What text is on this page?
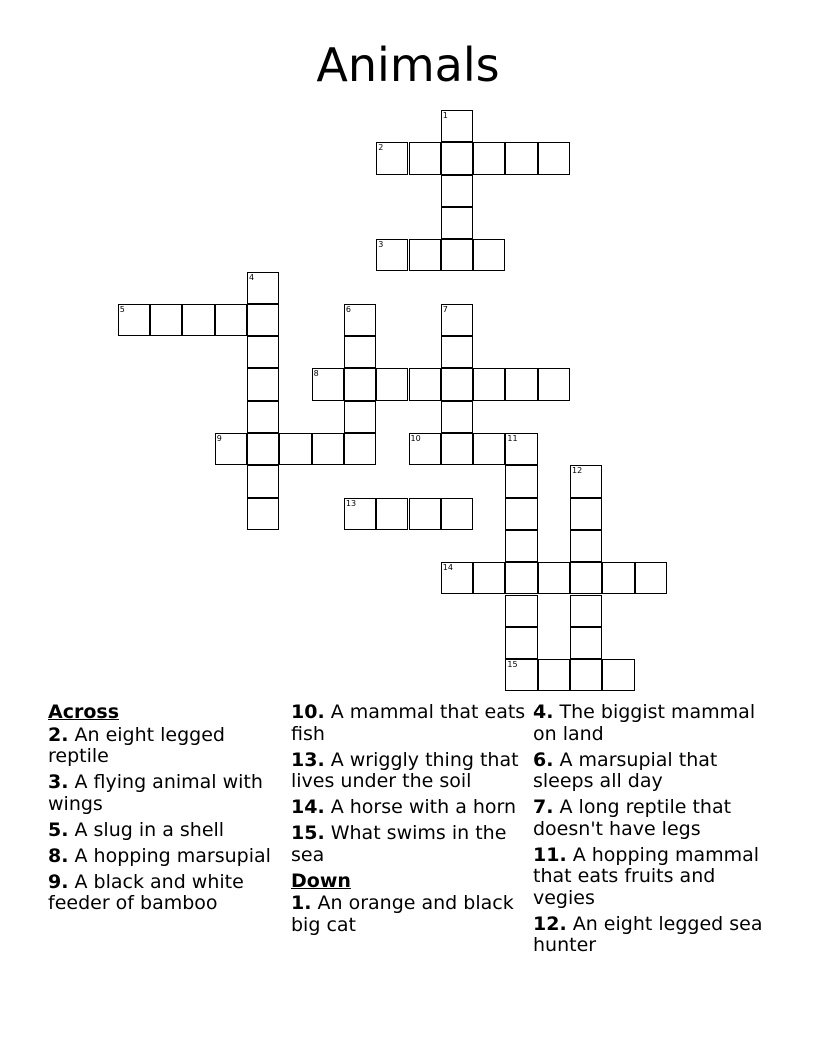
Animals
1
2
3
4
5	6	7
8
9	10	11
12
13
14
15
Across
2. An eight legged reptile
3. A flying animal with wings
5. A slug in a shell
8. A hopping marsupial
9. A black and white feeder of bamboo
10. A mammal that eats fish
13. A wriggly thing that lives under the soil
14. A horse with a horn
15. What swims in the sea
Down
1. An orange and black big cat
4. The biggist mammal on land
6. A marsupial that sleeps all day
7. A long reptile that doesn't have legs
11. A hopping mammal that eats fruits and vegies
12. An eight legged sea hunter
